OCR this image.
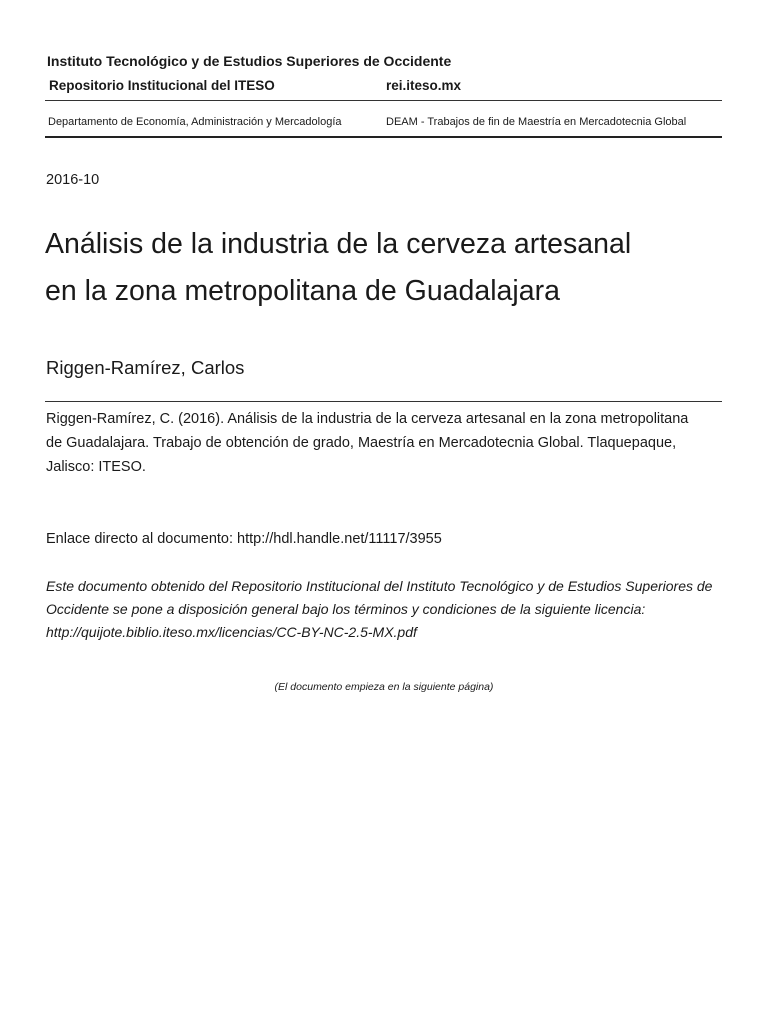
Instituto Tecnológico y de Estudios Superiores de Occidente
Repositorio Institucional del ITESO	rei.iteso.mx
Departamento de Economía, Administración y Mercadología	DEAM - Trabajos de fin de Maestría en Mercadotecnia Global
2016-10
Análisis de la industria de la cerveza artesanal
en la zona metropolitana de Guadalajara
Riggen-Ramírez, Carlos
Riggen-Ramírez, C. (2016). Análisis de la industria de la cerveza artesanal en la zona metropolitana
de Guadalajara. Trabajo de obtención de grado, Maestría en Mercadotecnia Global. Tlaquepaque,
Jalisco: ITESO.
Enlace directo al documento: http://hdl.handle.net/11117/3955
Este documento obtenido del Repositorio Institucional del Instituto Tecnológico y de Estudios Superiores de
Occidente se pone a disposición general bajo los términos y condiciones de la siguiente licencia:
http://quijote.biblio.iteso.mx/licencias/CC-BY-NC-2.5-MX.pdf
(El documento empieza en la siguiente página)
